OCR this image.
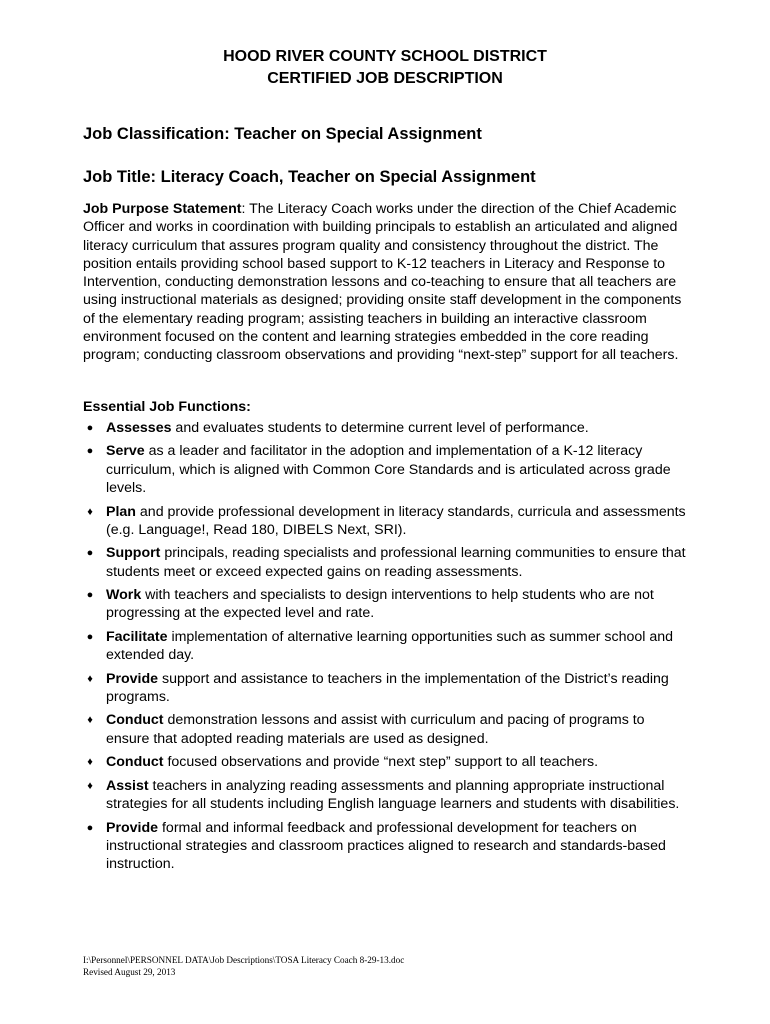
HOOD RIVER COUNTY SCHOOL DISTRICT
CERTIFIED JOB DESCRIPTION
Job Classification: Teacher on Special Assignment
Job Title: Literacy Coach, Teacher on Special Assignment
Job Purpose Statement: The Literacy Coach works under the direction of the Chief Academic Officer and works in coordination with building principals to establish an articulated and aligned literacy curriculum that assures program quality and consistency throughout the district. The position entails providing school based support to K-12 teachers in Literacy and Response to Intervention, conducting demonstration lessons and co-teaching to ensure that all teachers are using instructional materials as designed; providing onsite staff development in the components of the elementary reading program; assisting teachers in building an interactive classroom environment focused on the content and learning strategies embedded in the core reading program; conducting classroom observations and providing “next-step” support for all teachers.
Essential Job Functions:
● Assesses and evaluates students to determine current level of performance.
● Serve as a leader and facilitator in the adoption and implementation of a K-12 literacy curriculum, which is aligned with Common Core Standards and is articulated across grade levels.
♦ Plan and provide professional development in literacy standards, curricula and assessments (e.g. Language!, Read 180, DIBELS Next, SRI).
● Support principals, reading specialists and professional learning communities to ensure that students meet or exceed expected gains on reading assessments.
● Work with teachers and specialists to design interventions to help students who are not progressing at the expected level and rate.
● Facilitate implementation of alternative learning opportunities such as summer school and extended day.
♦ Provide support and assistance to teachers in the implementation of the District’s reading programs.
♦ Conduct demonstration lessons and assist with curriculum and pacing of programs to ensure that adopted reading materials are used as designed.
♦ Conduct focused observations and provide “next step” support to all teachers.
♦ Assist teachers in analyzing reading assessments and planning appropriate instructional strategies for all students including English language learners and students with disabilities.
● Provide formal and informal feedback and professional development for teachers on instructional strategies and classroom practices aligned to research and standards-based instruction.
I:\Personnel\PERSONNEL DATA\Job Descriptions\TOSA Literacy Coach 8-29-13.doc
Revised August 29, 2013
